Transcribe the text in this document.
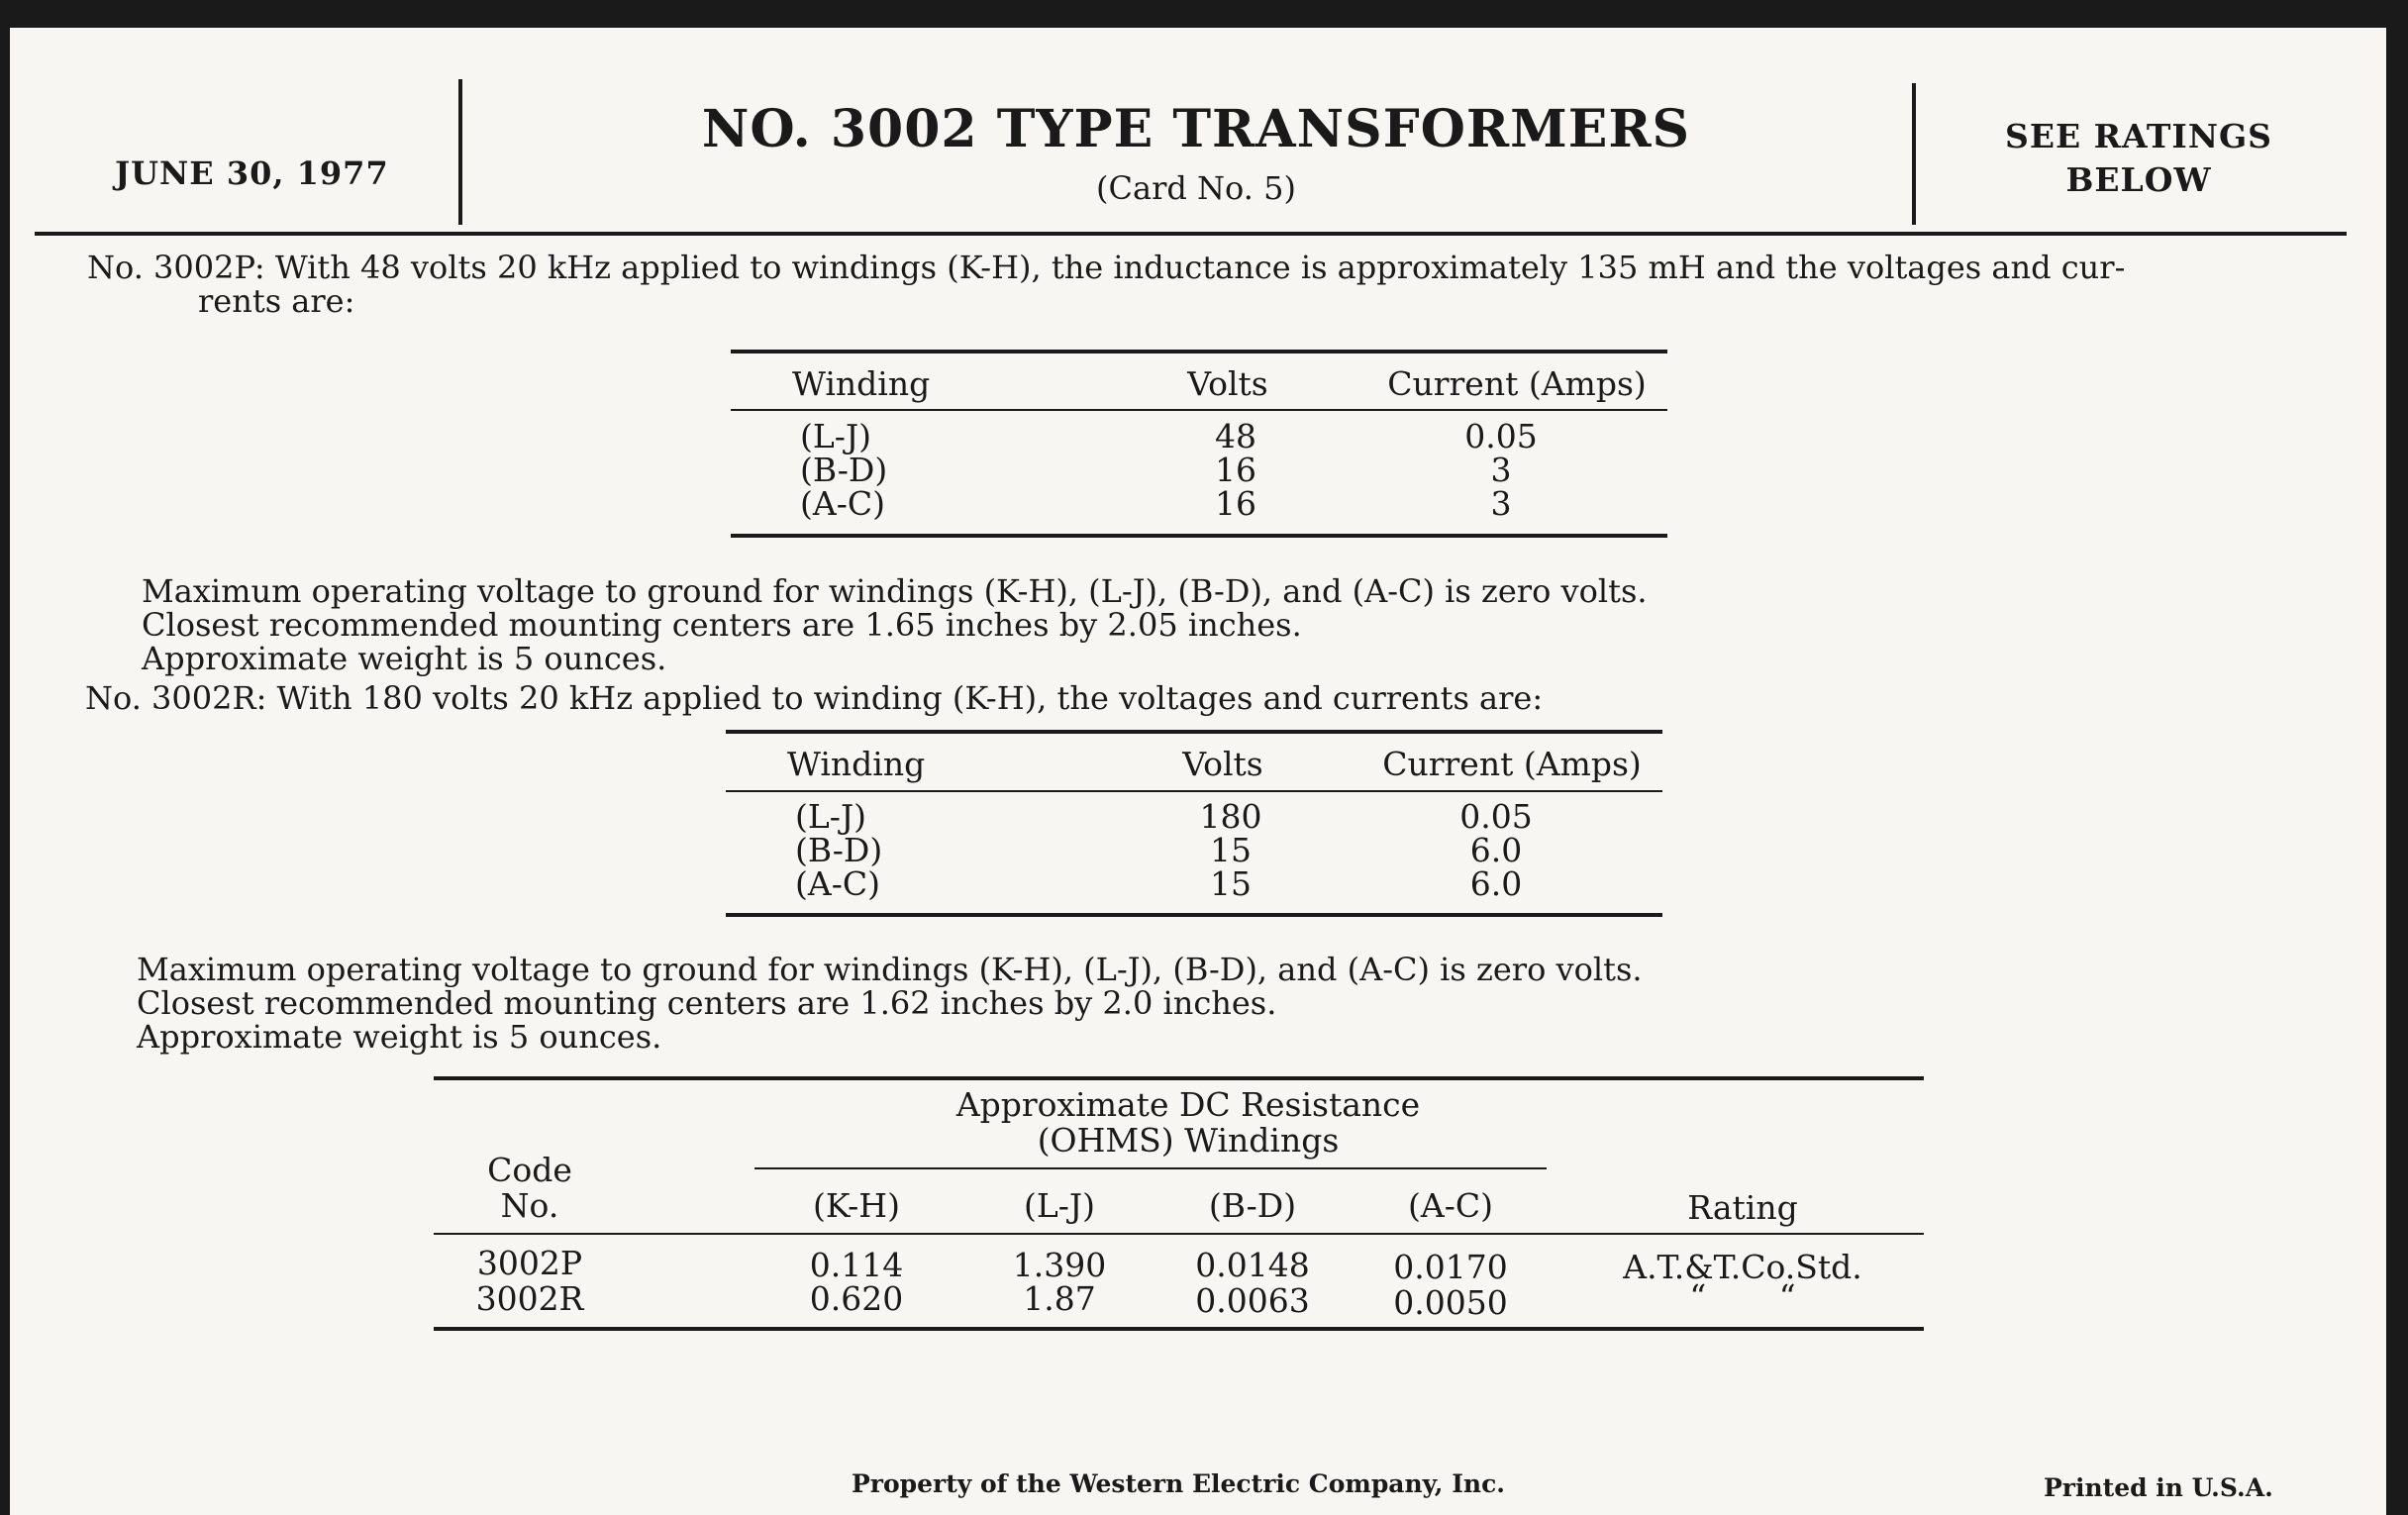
JUNE 30, 1977
NO. 3002 TYPE TRANSFORMERS
(Card No. 5)
SEE RATINGS
BELOW
No. 3002P: With 48 volts 20 kHz applied to windings (K-H), the inductance is approximately 135 mH and the voltages and cur-
rents are:
Winding	Volts	Current (Amps)
(L-J)	48	0.05
(B-D)	16	3
(A-C)	16	3
Maximum operating voltage to ground for windings (K-H), (L-J), (B-D), and (A-C) is zero volts.
Closest recommended mounting centers are 1.65 inches by 2.05 inches.
Approximate weight is 5 ounces.
No. 3002R: With 180 volts 20 kHz applied to winding (K-H), the voltages and currents are:
Winding	Volts	Current (Amps)
(L-J)	180	0.05
(B-D)	15	6.0
(A-C)	15	6.0
Maximum operating voltage to ground for windings (K-H), (L-J), (B-D), and (A-C) is zero volts.
Closest recommended mounting centers are 1.62 inches by 2.0 inches.
Approximate weight is 5 ounces.
Approximate DC Resistance
(OHMS) Windings
Code
No.	(K-H)	(L-J)	(B-D)	(A-C)	Rating
3002P	0.114	1.390	0.0148	0.0170	A.T.&T.Co.Std.
3002R	0.620	1.87	0.0063	0.0050	“       “
Property of the Western Electric Company, Inc.	Printed in U.S.A.
